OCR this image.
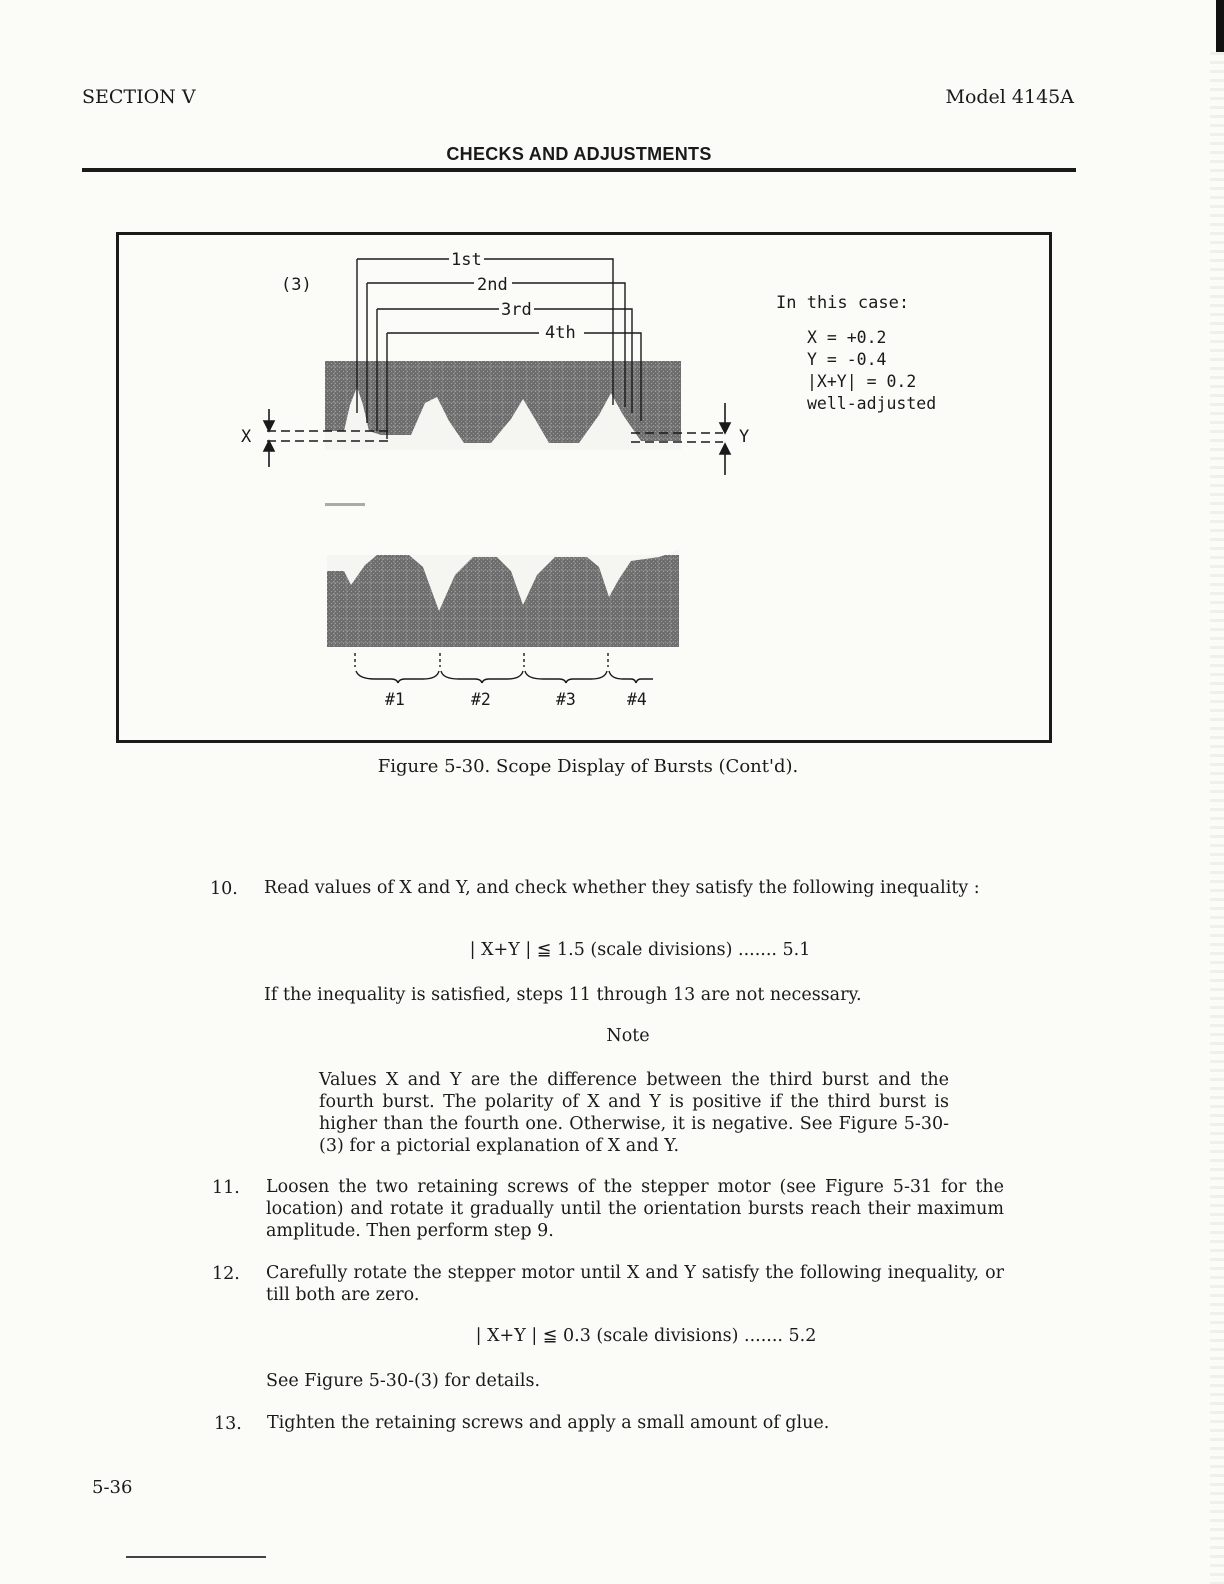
SECTION V	Model 4145A
CHECKS AND ADJUSTMENTS
(3)
1st
2nd
3rd
4th
X	Y
In this case:
X = +0.2
Y = -0.4
|X+Y| = 0.2
well-adjusted
#1	#2	#3	#4
Figure 5-30. Scope Display of Bursts (Cont'd).
10. Read values of X and Y, and check whether they satisfy the following inequality :
| X+Y | ≦ 1.5 (scale divisions) ....... 5.1
If the inequality is satisfied, steps 11 through 13 are not necessary.
Note
Values X and Y are the difference between the third burst and the fourth burst. The polarity of X and Y is positive if the third burst is higher than the fourth one. Otherwise, it is negative. See Figure 5-30-(3) for a pictorial explanation of X and Y.
11. Loosen the two retaining screws of the stepper motor (see Figure 5-31 for the location) and rotate it gradually until the orientation bursts reach their maximum amplitude. Then perform step 9.
12. Carefully rotate the stepper motor until X and Y satisfy the following inequality, or till both are zero.
| X+Y | ≦ 0.3 (scale divisions) ....... 5.2
See Figure 5-30-(3) for details.
13. Tighten the retaining screws and apply a small amount of glue.
5-36
